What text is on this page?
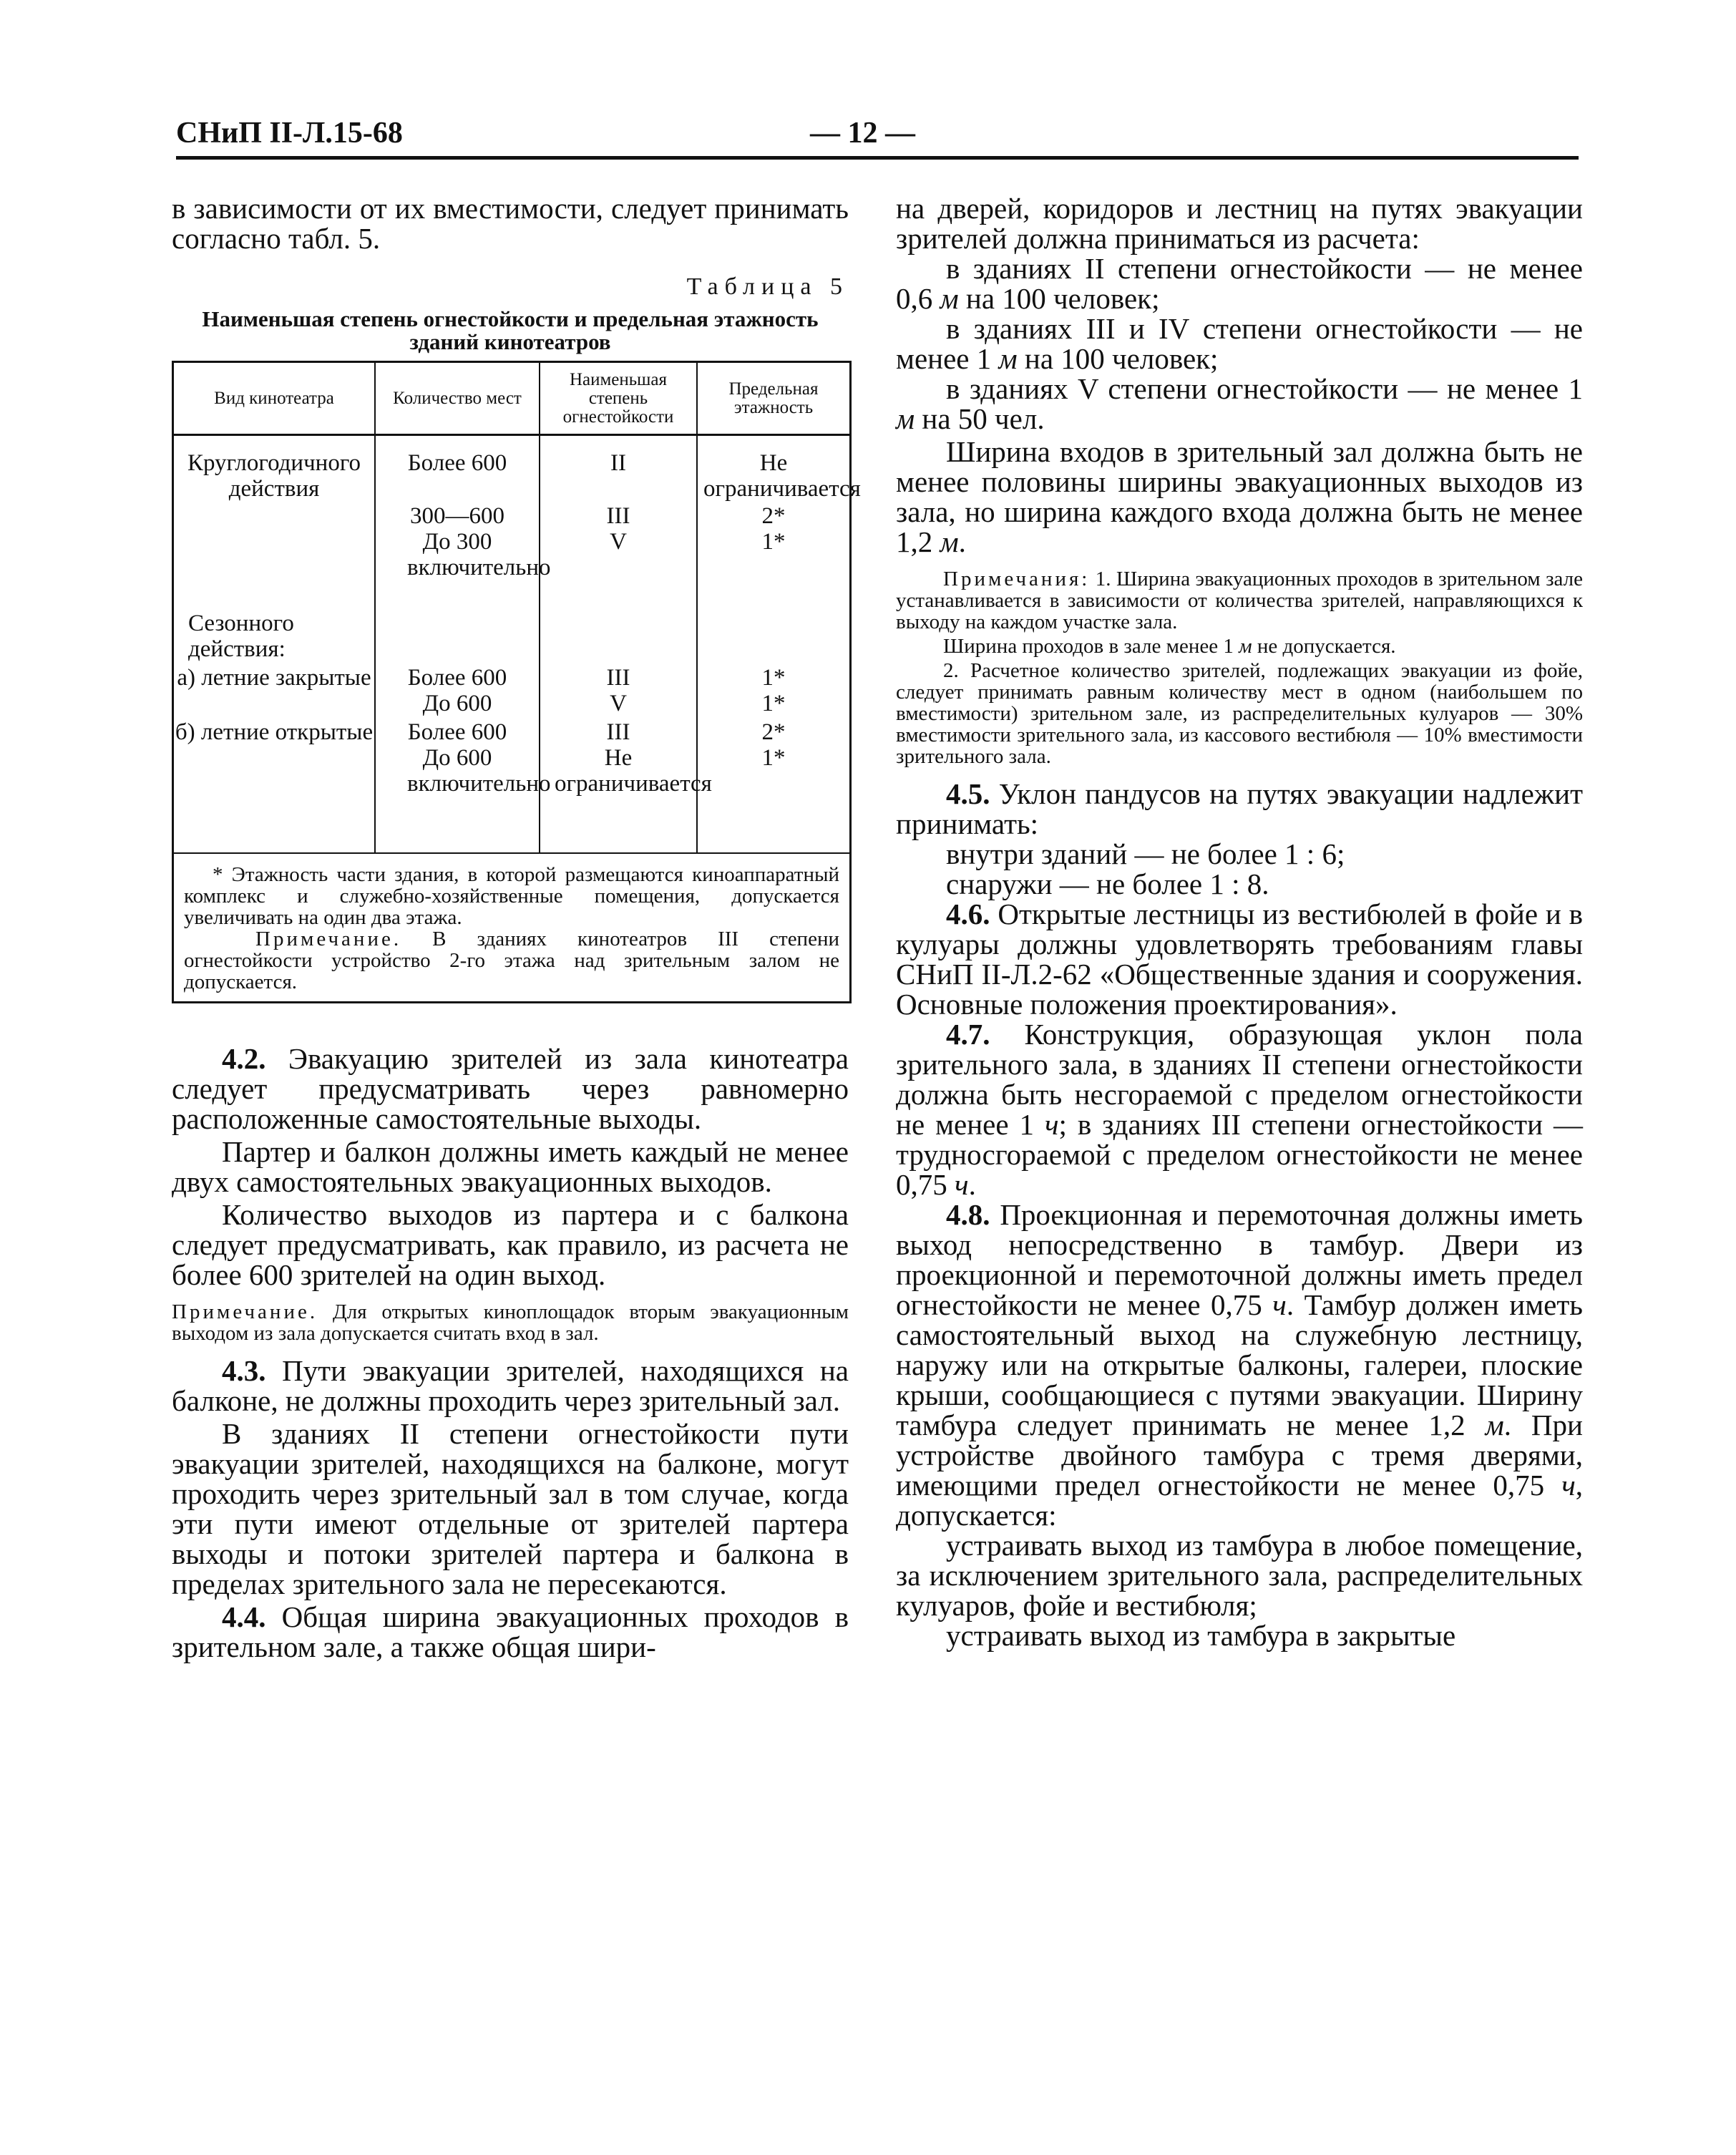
СНиП II-Л.15-68	— 12 —

в зависимости от их вместимости, следует принимать согласно табл. 5.

Таблица 5
Наименьшая степень огнестойкости и предельная этажность зданий кинотеатров
Вид кинотеатра	Количество мест
Наименьшая степень огнестойкости
Предельная этажность
Круглогодичного действия
Сезонного действия:
а) летние закрытые
б) летние открытые
Более 600
300—600
До 300 включительно
Более 600
До 600
Более 600
До 600 включительно
II
III
V
III
V
III
Не ограничивается
Не ограничивается
2*
1*
1*
1*
2*
1*

* Этажность части здания, в которой размещаются киноаппаратный комплекс и служебно-хозяйственные помещения, допускается увеличивать на один два этажа.

Примечание. В зданиях кинотеатров III степени огнестойкости устройство 2-го этажа над зрительным залом не допускается.

4.2. Эвакуацию зрителей из зала кинотеатра следует предусматривать через равномерно расположенные самостоятельные выходы.

Партер и балкон должны иметь каждый не менее двух самостоятельных эвакуационных выходов.

Количество выходов из партера и с балкона следует предусматривать, как правило, из расчета не более 600 зрителей на один выход.

Примечание. Для открытых киноплощадок вторым эвакуационным выходом из зала допускается считать вход в зал.

4.3. Пути эвакуации зрителей, находящихся на балконе, не должны проходить через зрительный зал.

В зданиях II степени огнестойкости пути эвакуации зрителей, находящихся на балконе, могут проходить через зрительный зал в том случае, когда эти пути имеют отдельные от зрителей партера выходы и потоки зрителей партера и балкона в пределах зрительного зала не пересекаются.

4.4. Общая ширина эвакуационных проходов в зрительном зале, а также общая шири-

на дверей, коридоров и лестниц на путях эвакуации зрителей должна приниматься из расчета:

в зданиях II степени огнестойкости — не менее 0,6 м на 100 человек;

в зданиях III и IV степени огнестойкости — не менее 1 м на 100 человек;

в зданиях V степени огнестойкости — не менее 1 м на 50 чел.

Ширина входов в зрительный зал должна быть не менее половины ширины эвакуационных выходов из зала, но ширина каждого входа должна быть не менее 1,2 м.

Примечания: 1. Ширина эвакуационных проходов в зрительном зале устанавливается в зависимости от количества зрителей, направляющихся к выходу на каждом участке зала.

Ширина проходов в зале менее 1 м не допускается.

2. Расчетное количество зрителей, подлежащих эвакуации из фойе, следует принимать равным количеству мест в одном (наибольшем по вместимости) зрительном зале, из распределительных кулуаров — 30% вместимости зрительного зала, из кассового вестибюля — 10% вместимости зрительного зала.

4.5. Уклон пандусов на путях эвакуации надлежит принимать:

внутри зданий — не более 1 : 6;

снаружи — не более 1 : 8.

4.6. Открытые лестницы из вестибюлей в фойе и в кулуары должны удовлетворять требованиям главы СНиП II-Л.2-62 «Общественные здания и сооружения. Основные положения проектирования».

4.7. Конструкция, образующая уклон пола зрительного зала, в зданиях II степени огнестойкости должна быть несгораемой с пределом огнестойкости не менее 1 ч; в зданиях III степени огнестойкости — трудносгораемой с пределом огнестойкости не менее 0,75 ч.

4.8. Проекционная и перемоточная должны иметь выход непосредственно в тамбур. Двери из проекционной и перемоточной должны иметь предел огнестойкости не менее 0,75 ч. Тамбур должен иметь самостоятельный выход на служебную лестницу, наружу или на открытые балконы, галереи, плоские крыши, сообщающиеся с путями эвакуации. Ширину тамбура следует принимать не менее 1,2 м. При устройстве двойного тамбура с тремя дверями, имеющими предел огнестойкости не менее 0,75 ч, допускается:

устраивать выход из тамбура в любое помещение, за исключением зрительного зала, распределительных кулуаров, фойе и вестибюля;

устраивать выход из тамбура в закрытые
